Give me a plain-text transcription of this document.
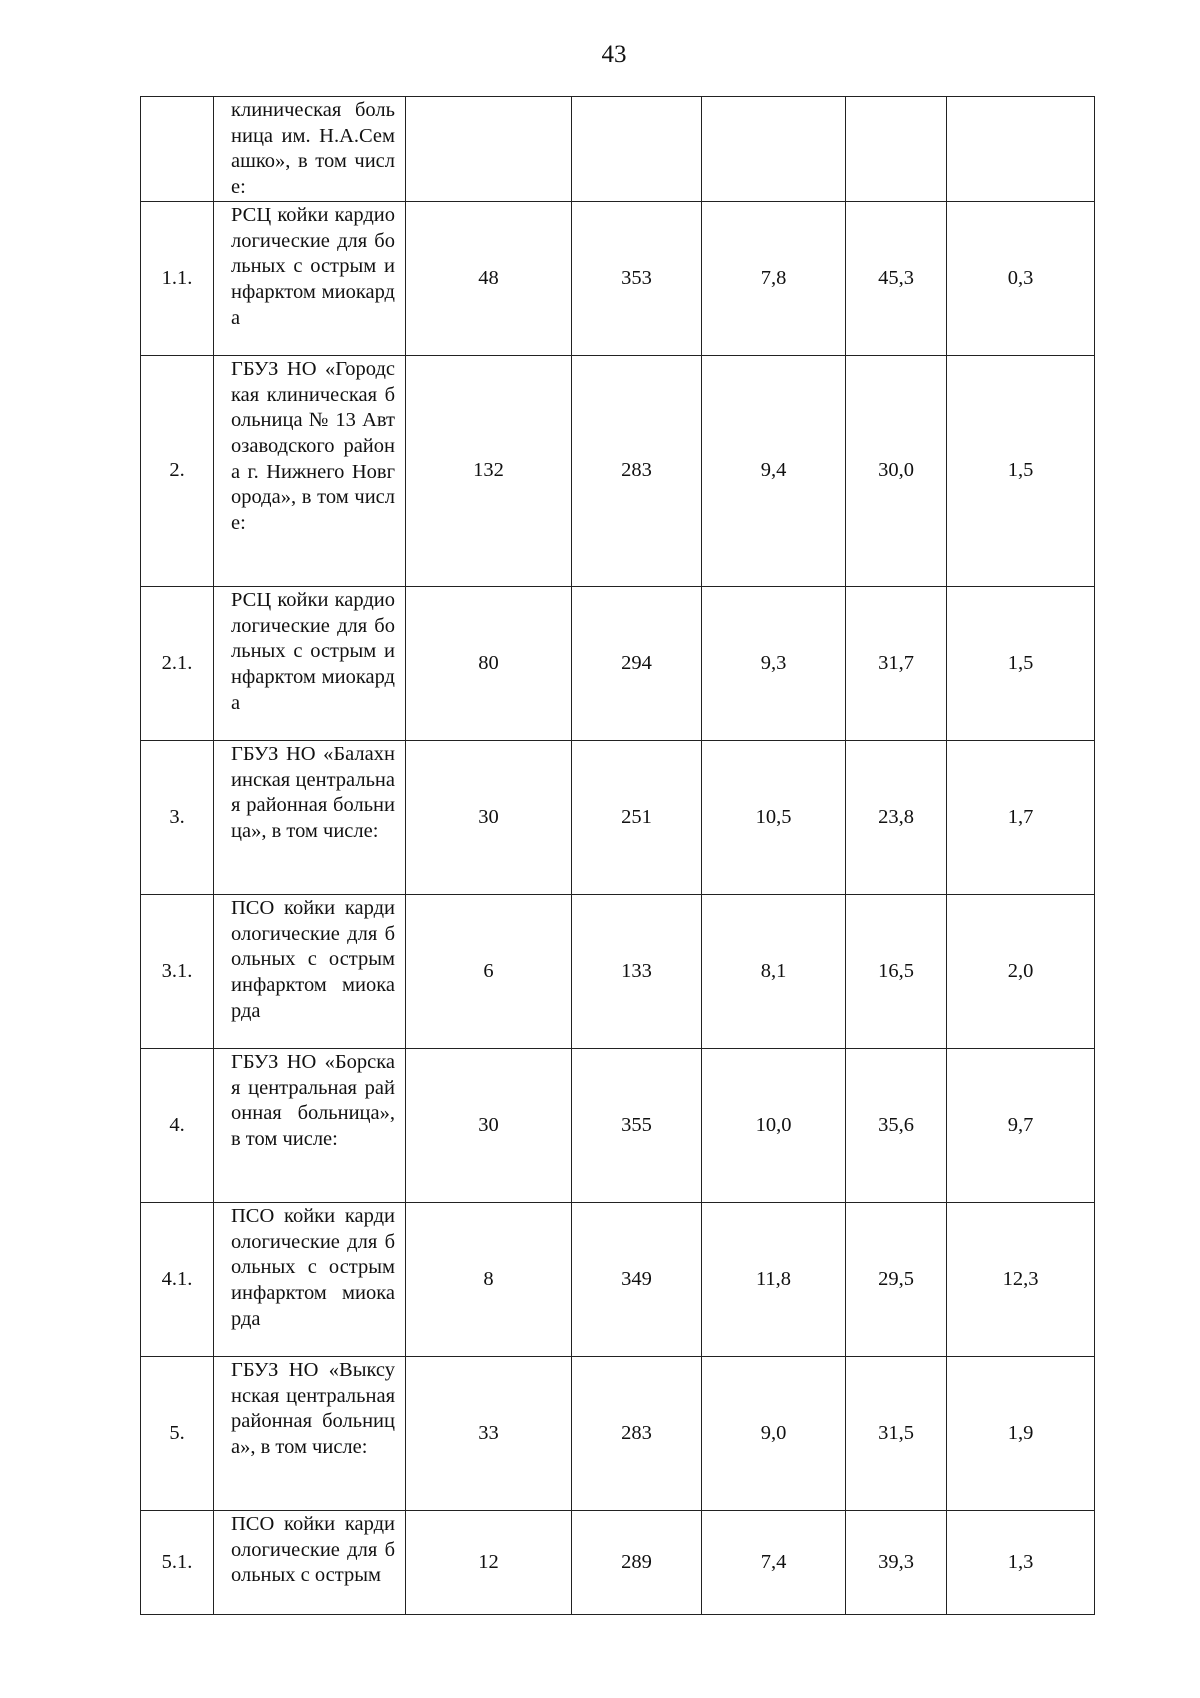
43
	клиническая больница им. Н.А.Семашко», в том числе:					
1.1.	РСЦ койки кардиологические для больных с острым инфарктом миокарда	48	353	7,8	45,3	0,3
2.	ГБУЗ НО «Городская клиническая больница № 13 Автозаводского района г. Нижнего Новгорода», в том числе:	132	283	9,4	30,0	1,5
2.1.	РСЦ койки кардиологические для больных с острым инфарктом миокарда	80	294	9,3	31,7	1,5
3.	ГБУЗ НО «Балахнинская центральная районная больница», в том числе:	30	251	10,5	23,8	1,7
3.1.	ПСО койки кардиологические для больных с острым инфарктом миокарда	6	133	8,1	16,5	2,0
4.	ГБУЗ НО «Борская центральная районная больница», в том числе:	30	355	10,0	35,6	9,7
4.1.	ПСО койки кардиологические для больных с острым инфарктом миокарда	8	349	11,8	29,5	12,3
5.	ГБУЗ НО «Выксунская центральная районная больница», в том числе:	33	283	9,0	31,5	1,9
5.1.	ПСО койки кардиологические для больных с острым	12	289	7,4	39,3	1,3
